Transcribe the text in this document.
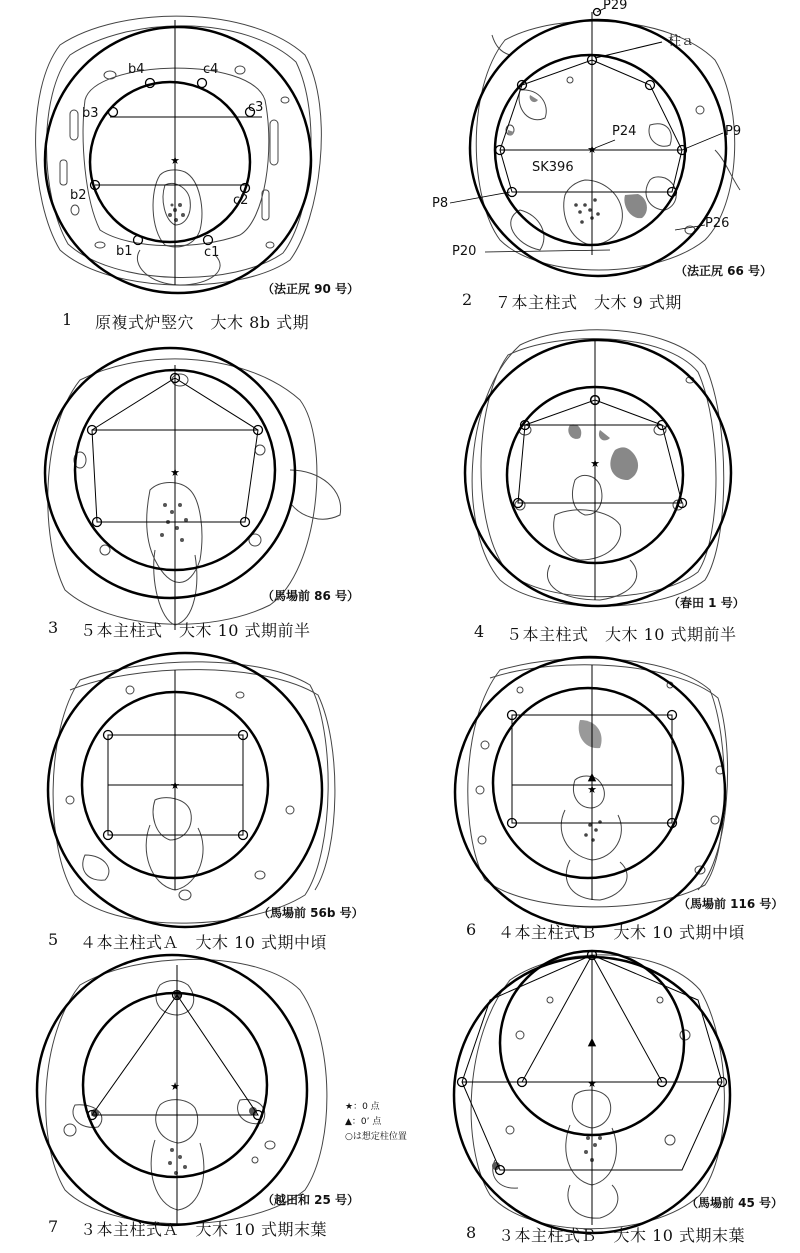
★
b4	c4
b3	c3
b2	c2
b1	c1
（法正尻 90 号）
1 原複式炉竪穴　大木 8b 式期
★
P29
柱ａ
P24	P9
SK396
P8
P26
P20
（法正尻 66 号）
2 ７本主柱式　大木 9 式期
★
（馬場前 86 号）
3 ５本主柱式　大木 10 式期前半
★
（春田 1 号）
4 ５本主柱式　大木 10 式期前半
★
（馬場前 56b 号）
5 ４本主柱式Ａ　大木 10 式期中頃
▲
★
（馬場前 116 号）
6 ４本主柱式Ｂ　大木 10 式期中頃
★
（越田和 25 号）
7 ３本主柱式Ａ　大木 10 式期末葉
★：0 点
▲：0’ 点
○は想定柱位置
▲
★
（馬場前 45 号）
8 ３本主柱式Ｂ　大木 10 式期末葉
